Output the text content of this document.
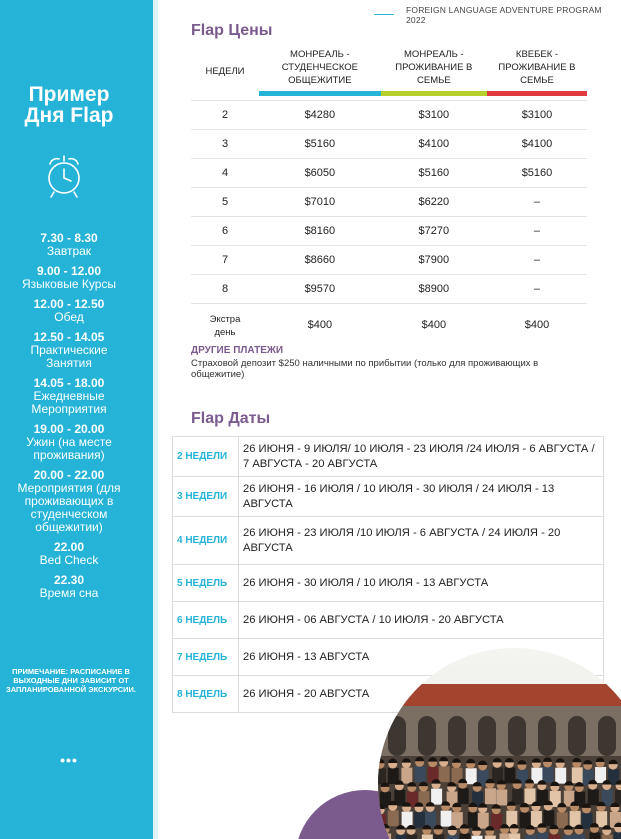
Пример
Дня Flap
7.30 - 8.30
Завтрак
9.00 - 12.00
Языковые Курсы
12.00 - 12.50
Обед
12.50 - 14.05
Практические Занятия
14.05 - 18.00
Ежедневные Мероприятия
19.00 - 20.00
Ужин (на месте проживания)
20.00 - 22.00
Мероприятия (для проживающих в студенческом общежитии)
22.00
Bed Check
22.30
Время сна
ПРИМЕЧАНИЕ: РАСПИСАНИЕ В ВЫХОДНЫЕ ДНИ ЗАВИСИТ ОТ ЗАПЛАНИРОВАННОЙ ЭКСКУРСИИ.
•••
FOREIGN LANGUAGE ADVENTURE PROGRAM 2022
Flap Цены
НЕДЕЛИ	МОНРЕАЛЬ - СТУДЕНЧЕСКОЕ ОБЩЕЖИТИЕ	МОНРЕАЛЬ - ПРОЖИВАНИЕ В СЕМЬЕ	КВЕБЕК - ПРОЖИВАНИЕ В СЕМЬЕ

2	$4280	$3100	$3100
3	$5160	$4100	$4100
4	$6050	$5160	$5160
5	$7010	$6220	–
6	$8160	$7270	–
7	$8660	$7900	–
8	$9570	$8900	–
Экстра день	$400	$400	$400
ДРУГИЕ ПЛАТЕЖИ
Страховой депозит $250 наличными по прибытии (только для проживающих в общежитие)
Flap Даты
2 НЕДЕЛИ	26 ИЮНЯ - 9 ИЮЛЯ/ 10 ИЮЛЯ - 23 ИЮЛЯ /24 ИЮЛЯ - 6 АВГУСТА / 7 АВГУСТА - 20 АВГУСТА
3 НЕДЕЛИ	26 ИЮНЯ - 16 ИЮЛЯ / 10 ИЮЛЯ - 30 ИЮЛЯ / 24 ИЮЛЯ - 13 АВГУСТА
4 НЕДЕЛИ	26 ИЮНЯ - 23 ИЮЛЯ /10 ИЮЛЯ - 6 АВГУСТА / 24 ИЮЛЯ - 20 АВГУСТА
5 НЕДЕЛЬ	26 ИЮНЯ - 30 ИЮЛЯ / 10 ИЮЛЯ - 13 АВГУСТА
6 НЕДЕЛЬ	26 ИЮНЯ - 06 АВГУСТА / 10 ИЮЛЯ - 20 АВГУСТА
7 НЕДЕЛЬ	26 ИЮНЯ - 13 АВГУСТА
8 НЕДЕЛЬ	26 ИЮНЯ - 20 АВГУСТА
